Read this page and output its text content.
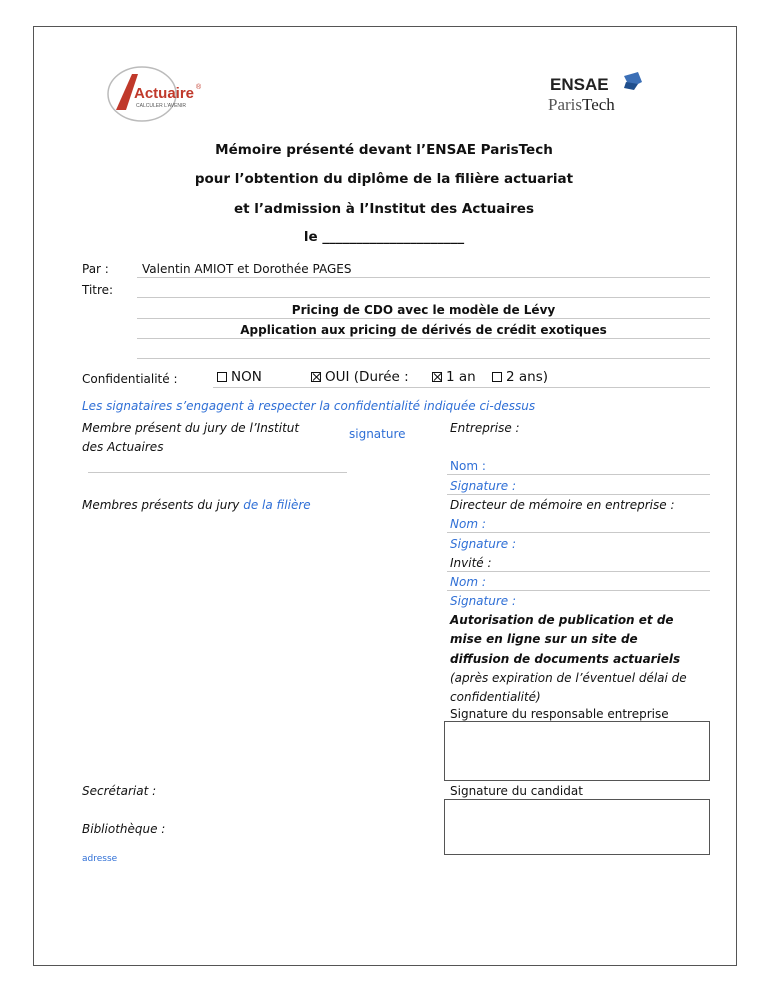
Actuaire ®
CALCULER L'AVENIR
ENSAE
ParisTech
Mémoire présenté devant l’ENSAE ParisTech
pour l’obtention du diplôme de la filière actuariat
et l’admission à l’Institut des Actuaires
le _____________________
Par :	Valentin AMIOT et Dorothée PAGES
Titre:
Pricing de CDO avec le modèle de Lévy
Application aux pricing de dérivés de crédit exotiques
Confidentialité :	NON	OUI (Durée :	1 an	2 ans)
Les signataires s’engagent à respecter la confidentialité indiquée ci-dessus
Membre présent du jury de l’Institut
des Actuaires
signature
Membres présents du jury de la filière
Secrétariat :
Bibliothèque :
adresse
Entreprise :
Nom :
Signature :
Directeur de mémoire en entreprise :
Nom :
Signature :
Invité :
Nom :
Signature :
Autorisation de publication et de
mise en ligne sur un site de
diffusion de documents actuariels
(après expiration de l’éventuel délai de
confidentialité)
Signature du responsable entreprise
Signature du candidat
